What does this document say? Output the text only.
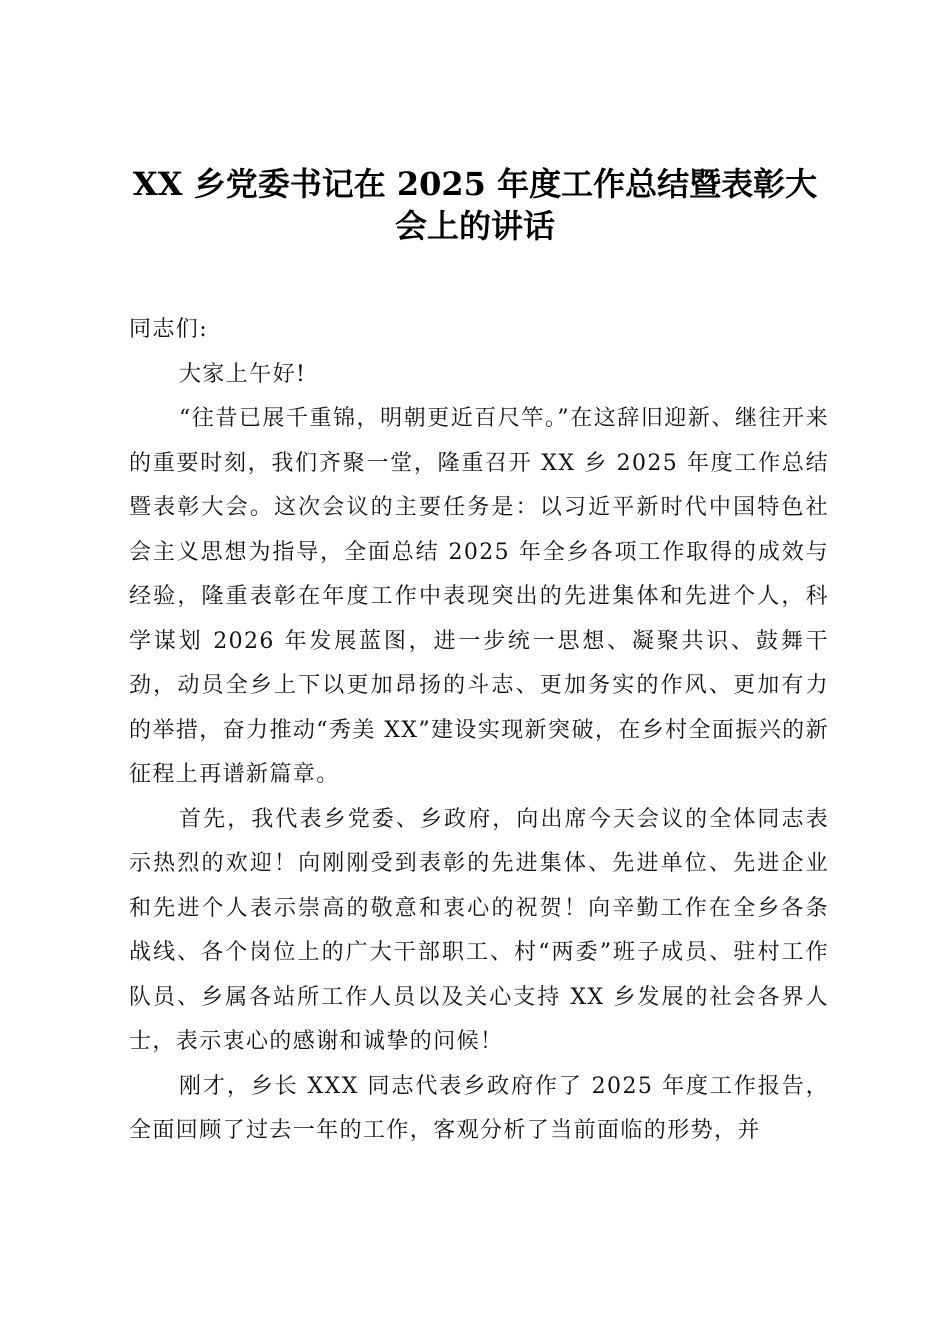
XX 乡党委书记在 2025 年度工作总结暨表彰大会上的讲话

同志们:

大家上午好!

“往昔已展千重锦，明朝更近百尺竿。”在这辞旧迎新、继往开来的重要时刻，我们齐聚一堂，隆重召开 XX 乡 2025 年度工作总结暨表彰大会。这次会议的主要任务是：以习近平新时代中国特色社会主义思想为指导，全面总结 2025 年全乡各项工作取得的成效与经验，隆重表彰在年度工作中表现突出的先进集体和先进个人，科学谋划 2026 年发展蓝图，进一步统一思想、凝聚共识、鼓舞干劲，动员全乡上下以更加昂扬的斗志、更加务实的作风、更加有力的举措，奋力推动“秀美 XX”建设实现新突破，在乡村全面振兴的新征程上再谱新篇章。

首先，我代表乡党委、乡政府，向出席今天会议的全体同志表示热烈的欢迎！向刚刚受到表彰的先进集体、先进单位、先进企业和先进个人表示崇高的敬意和衷心的祝贺！向辛勤工作在全乡各条战线、各个岗位上的广大干部职工、村“两委”班子成员、驻村工作队员、乡属各站所工作人员以及关心支持 XX 乡发展的社会各界人士，表示衷心的感谢和诚挚的问候！

刚才，乡长 XXX 同志代表乡政府作了 2025 年度工作报告，全面回顾了过去一年的工作，客观分析了当前面临的形势，并
